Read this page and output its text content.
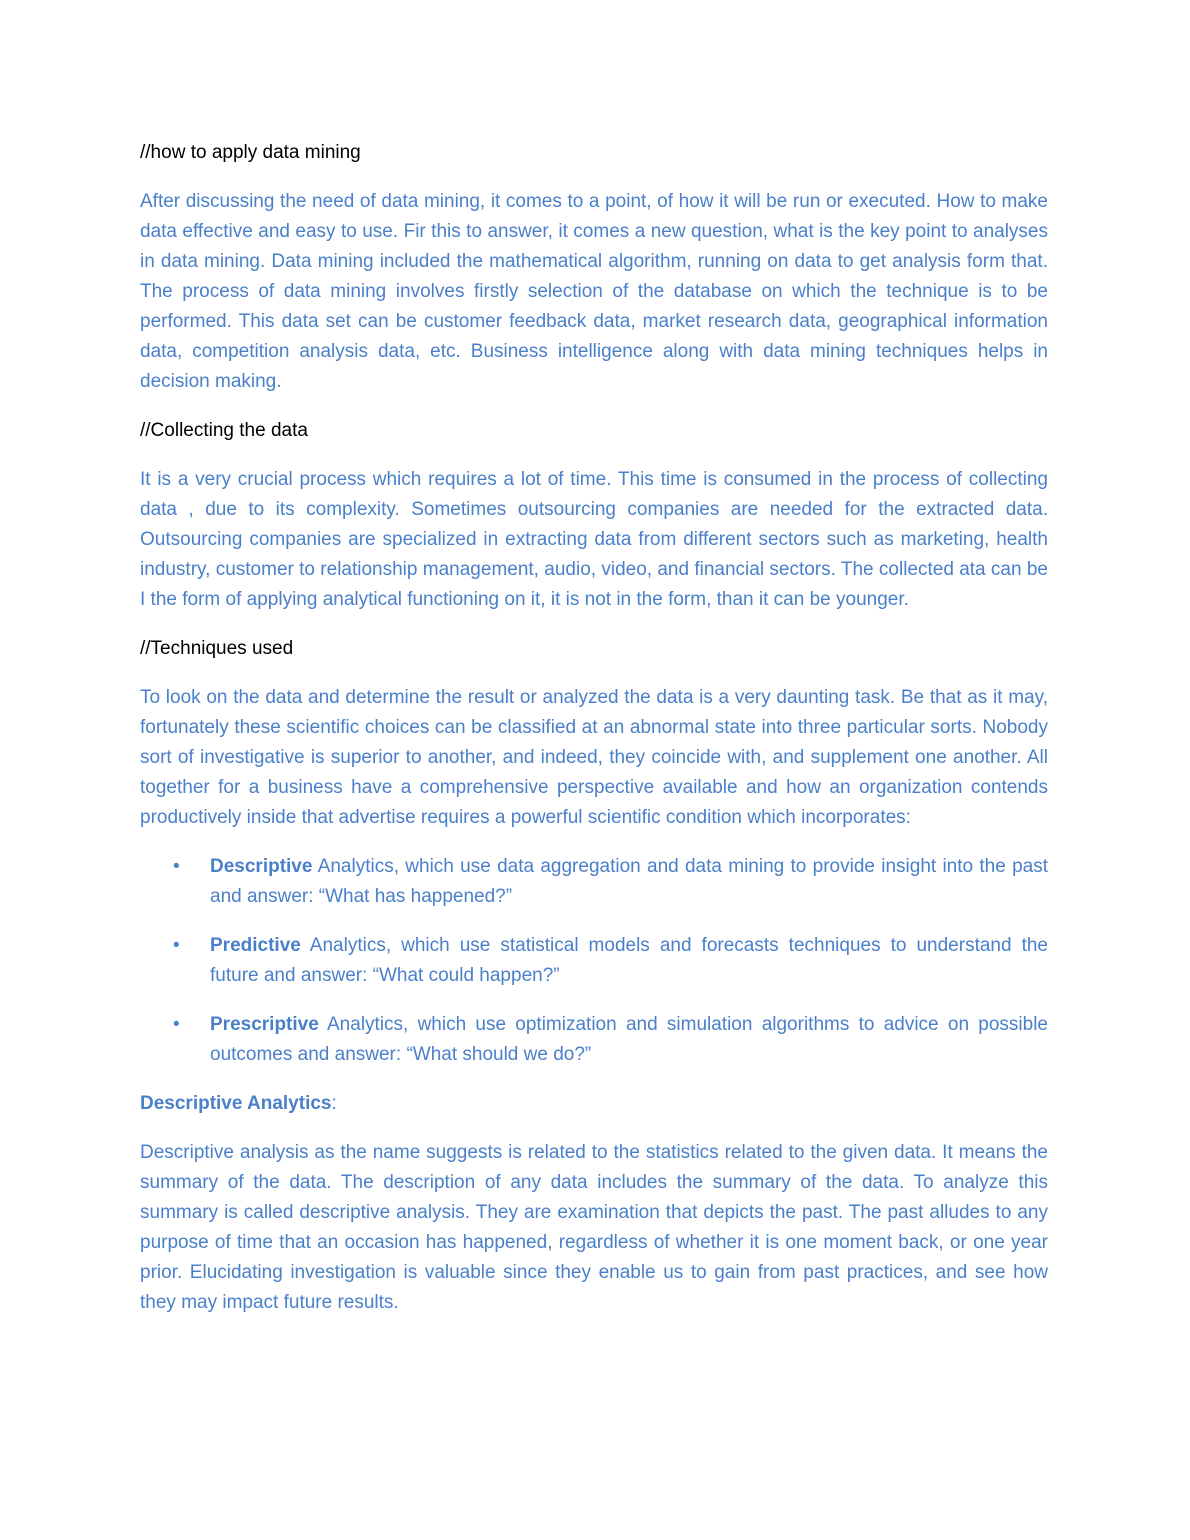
//how to apply data mining

After discussing the need of data mining, it comes to a point, of how it will be run or executed. How to make data effective and easy to use. Fir this to answer, it comes a new question, what is the key point to analyses in data mining. Data mining included the mathematical algorithm, running on data to get analysis form that. The process of data mining involves firstly selection of the database on which the technique is to be performed. This data set can be customer feedback data, market research data, geographical information data, competition analysis data, etc. Business intelligence along with data mining techniques helps in decision making.

//Collecting the data

It is a very crucial process which requires a lot of time. This time is consumed in the process of collecting data , due to its complexity. Sometimes outsourcing companies are needed for the extracted data. Outsourcing companies are specialized in extracting data from different sectors such as marketing, health industry, customer to relationship management, audio, video, and financial sectors. The collected ata can be I the form of applying analytical functioning on it, it is not in the form, than it can be younger.

//Techniques used

To look on the data and determine the result or analyzed the data is a very daunting task. Be that as it may, fortunately these scientific choices can be classified at an abnormal state into three particular sorts. Nobody sort of investigative is superior to another, and indeed, they coincide with, and supplement one another. All together for a business have a comprehensive perspective available and how an organization contends productively inside that advertise requires a powerful scientific condition which incorporates:

• Descriptive Analytics, which use data aggregation and data mining to provide insight into the past and answer: “What has happened?”
• Predictive Analytics, which use statistical models and forecasts techniques to understand the future and answer: “What could happen?”
• Prescriptive Analytics, which use optimization and simulation algorithms to advice on possible outcomes and answer: “What should we do?”

Descriptive Analytics:

Descriptive analysis as the name suggests is related to the statistics related to the given data. It means the summary of the data. The description of any data includes the summary of the data. To analyze this summary is called descriptive analysis. They are examination that depicts the past. The past alludes to any purpose of time that an occasion has happened, regardless of whether it is one moment back, or one year prior. Elucidating investigation is valuable since they enable us to gain from past practices, and see how they may impact future results.
